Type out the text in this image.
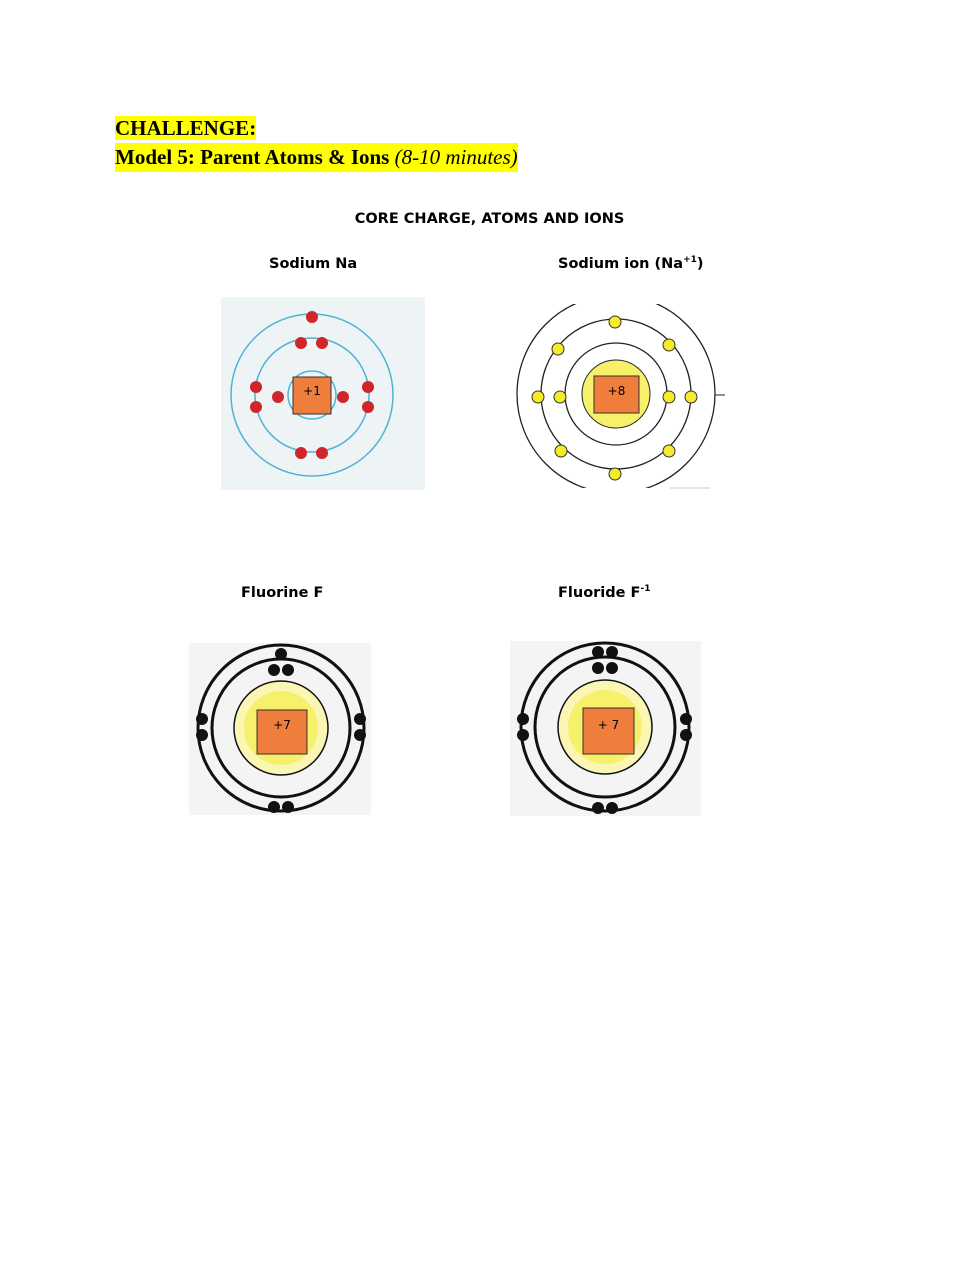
CHALLENGE:
Model 5: Parent Atoms & Ions (8-10 minutes)
CORE CHARGE, ATOMS AND IONS
Sodium Na	Sodium ion $(Na^{+1})$
Fluorine F	Fluoride $F^{-1}$
+1	+8
+7	+ 7
